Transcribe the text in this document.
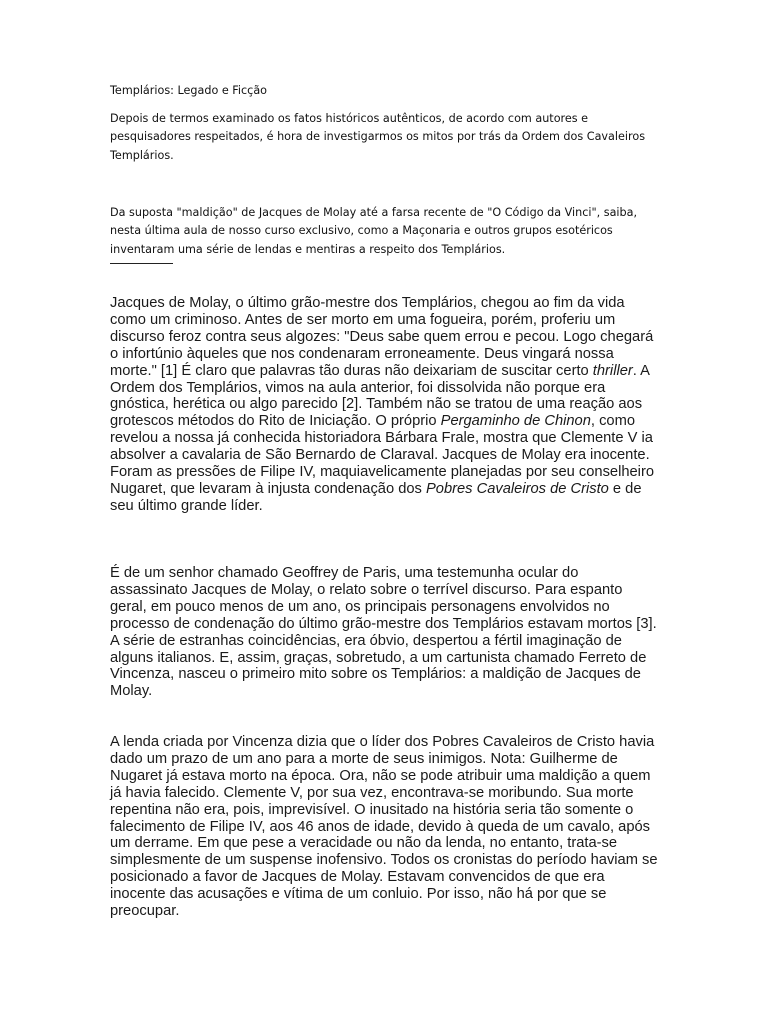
Templários: Legado e Ficção
Depois de termos examinado os fatos históricos autênticos, de acordo com autores e pesquisadores respeitados, é hora de investigarmos os mitos por trás da Ordem dos Cavaleiros Templários.
Da suposta "maldição" de Jacques de Molay até a farsa recente de "O Código da Vinci", saiba, nesta última aula de nosso curso exclusivo, como a Maçonaria e outros grupos esotéricos inventaram uma série de lendas e mentiras a respeito dos Templários.

Jacques de Molay, o último grão-mestre dos Templários, chegou ao fim da vida como um criminoso. Antes de ser morto em uma fogueira, porém, proferiu um discurso feroz contra seus algozes: "Deus sabe quem errou e pecou. Logo chegará o infortúnio àqueles que nos condenaram erroneamente. Deus vingará nossa morte." [1] É claro que palavras tão duras não deixariam de suscitar certo thriller. A Ordem dos Templários, vimos na aula anterior, foi dissolvida não porque era gnóstica, herética ou algo parecido [2]. Também não se tratou de uma reação aos grotescos métodos do Rito de Iniciação. O próprio Pergaminho de Chinon, como revelou a nossa já conhecida historiadora Bárbara Frale, mostra que Clemente V ia absolver a cavalaria de São Bernardo de Claraval. Jacques de Molay era inocente. Foram as pressões de Filipe IV, maquiavelicamente planejadas por seu conselheiro Nugaret, que levaram à injusta condenação dos Pobres Cavaleiros de Cristo e de seu último grande líder.

É de um senhor chamado Geoffrey de Paris, uma testemunha ocular do assassinato Jacques de Molay, o relato sobre o terrível discurso. Para espanto geral, em pouco menos de um ano, os principais personagens envolvidos no processo de condenação do último grão-mestre dos Templários estavam mortos [3]. A série de estranhas coincidências, era óbvio, despertou a fértil imaginação de alguns italianos. E, assim, graças, sobretudo, a um cartunista chamado Ferreto de Vincenza, nasceu o primeiro mito sobre os Templários: a maldição de Jacques de Molay.

A lenda criada por Vincenza dizia que o líder dos Pobres Cavaleiros de Cristo havia dado um prazo de um ano para a morte de seus inimigos. Nota: Guilherme de Nugaret já estava morto na época. Ora, não se pode atribuir uma maldição a quem já havia falecido. Clemente V, por sua vez, encontrava-se moribundo. Sua morte repentina não era, pois, imprevisível. O inusitado na história seria tão somente o falecimento de Filipe IV, aos 46 anos de idade, devido à queda de um cavalo, após um derrame. Em que pese a veracidade ou não da lenda, no entanto, trata-se simplesmente de um suspense inofensivo. Todos os cronistas do período haviam se posicionado a favor de Jacques de Molay. Estavam convencidos de que era inocente das acusações e vítima de um conluio. Por isso, não há por que se preocupar.
